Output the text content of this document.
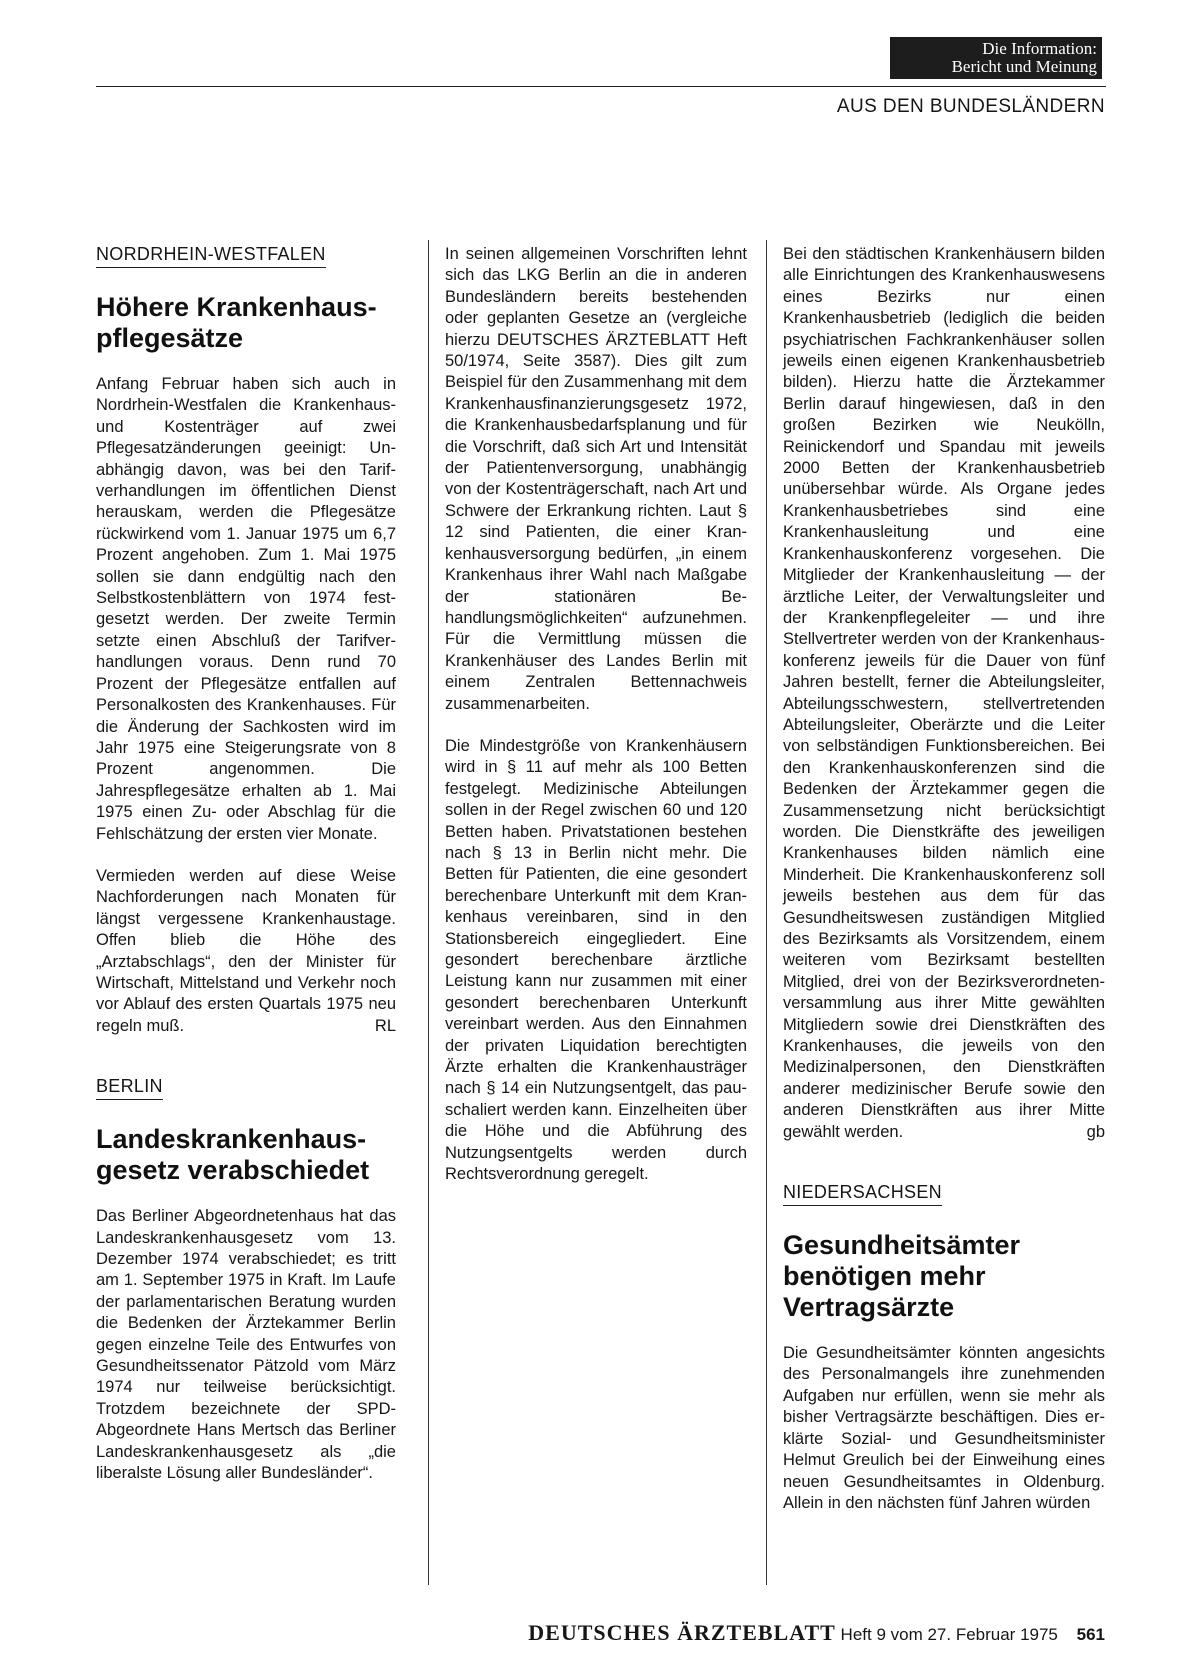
Die Information:
Bericht und Meinung
AUS DEN BUNDESLÄNDERN
NORDRHEIN-WESTFALEN
Höhere Krankenhauspflegesätze

Anfang Februar haben sich auch in Nordrhein-Westfalen die Krankenhaus- und Kostenträger auf zwei Pflegesatzänderungen geeinigt: Unabhängig davon, was bei den Tarifverhandlungen im öffentlichen Dienst herauskam, werden die Pflegesätze rückwirkend vom 1. Januar 1975 um 6,7 Prozent angehoben. Zum 1. Mai 1975 sollen sie dann endgültig nach den Selbstkostenblättern von 1974 festgesetzt werden. Der zweite Termin setzte einen Abschluß der Tarifverhandlungen voraus. Denn rund 70 Prozent der Pflegesätze entfallen auf Personalkosten des Krankenhauses. Für die Änderung der Sachkosten wird im Jahr 1975 eine Steigerungsrate von 8 Prozent angenommen. Die Jahrespflegesätze erhalten ab 1. Mai 1975 einen Zu- oder Abschlag für die Fehlschätzung der ersten vier Monate.

Vermieden werden auf diese Weise Nachforderungen nach Monaten für längst vergessene Krankenhaustage. Offen blieb die Höhe des „Arztabschlags“, den der Minister für Wirtschaft, Mittelstand und Verkehr noch vor Ablauf des ersten Quartals 1975 neu regeln muß.	RL

BERLIN
Landeskrankenhausgesetz verabschiedet

Das Berliner Abgeordnetenhaus hat das Landeskrankenhausgesetz vom 13. Dezember 1974 verabschiedet; es tritt am 1. September 1975 in Kraft. Im Laufe der parlamentarischen Beratung wurden die Bedenken der Ärztekammer Berlin gegen einzelne Teile des Entwurfes von Gesundheitssenator Pätzold vom März 1974 nur teilweise berücksichtigt. Trotzdem bezeichnete der SPD-Abgeordnete Hans Mertsch das Berliner Landeskrankenhausgesetz als „die liberalste Lösung aller Bundesländer“.

In seinen allgemeinen Vorschriften lehnt sich das LKG Berlin an die in anderen Bundesländern bereits bestehenden oder geplanten Gesetze an (vergleiche hierzu DEUTSCHES ÄRZTEBLATT Heft 50/1974, Seite 3587). Dies gilt zum Beispiel für den Zusammenhang mit dem Krankenhausfinanzierungsgesetz 1972, die Krankenhausbedarfsplanung und für die Vorschrift, daß sich Art und Intensität der Patientenversorgung, unabhängig von der Kostenträgerschaft, nach Art und Schwere der Erkrankung richten. Laut § 12 sind Patienten, die einer Krankenhausversorgung bedürfen, „in einem Krankenhaus ihrer Wahl nach Maßgabe der stationären Behandlungsmöglichkeiten“ aufzunehmen. Für die Vermittlung müssen die Krankenhäuser des Landes Berlin mit einem Zentralen Bettennachweis zusammenarbeiten.

Die Mindestgröße von Krankenhäusern wird in § 11 auf mehr als 100 Betten festgelegt. Medizinische Abteilungen sollen in der Regel zwischen 60 und 120 Betten haben. Privatstationen bestehen nach § 13 in Berlin nicht mehr. Die Betten für Patienten, die eine gesondert berechenbare Unterkunft mit dem Krankenhaus vereinbaren, sind in den Stationsbereich eingegliedert. Eine gesondert berechenbare ärztliche Leistung kann nur zusammen mit einer gesondert berechenbaren Unterkunft vereinbart werden. Aus den Einnahmen der privaten Liquidation berechtigten Ärzte erhalten die Krankenhausträger nach § 14 ein Nutzungsentgelt, das pauschaliert werden kann. Einzelheiten über die Höhe und die Abführung des Nutzungsentgelts werden durch Rechtsverordnung geregelt.

Bei den städtischen Krankenhäusern bilden alle Einrichtungen des Krankenhauswesens eines Bezirks nur einen Krankenhausbetrieb (lediglich die beiden psychiatrischen Fachkrankenhäuser sollen jeweils einen eigenen Krankenhausbetrieb bilden). Hierzu hatte die Ärztekammer Berlin darauf hingewiesen, daß in den großen Bezirken wie Neukölln, Reinickendorf und Spandau mit jeweils 2000 Betten der Krankenhausbetrieb unübersehbar würde. Als Organe jedes Krankenhausbetriebes sind eine Krankenhausleitung und eine Krankenhauskonferenz vorgesehen. Die Mitglieder der Krankenhausleitung — der ärztliche Leiter, der Verwaltungsleiter und der Krankenpflegeleiter — und ihre Stellvertreter werden von der Krankenhauskonferenz jeweils für die Dauer von fünf Jahren bestellt, ferner die Abteilungsleiter, Abteilungsschwestern, stellvertretenden Abteilungsleiter, Oberärzte und die Leiter von selbständigen Funktionsbereichen. Bei den Krankenhauskonferenzen sind die Bedenken der Ärztekammer gegen die Zusammensetzung nicht berücksichtigt worden. Die Dienstkräfte des jeweiligen Krankenhauses bilden nämlich eine Minderheit. Die Krankenhauskonferenz soll jeweils bestehen aus dem für das Gesundheitswesen zuständigen Mitglied des Bezirksamts als Vorsitzendem, einem weiteren vom Bezirksamt bestellten Mitglied, drei von der Bezirksverordnetenversammlung aus ihrer Mitte gewählten Mitgliedern sowie drei Dienstkräften des Krankenhauses, die jeweils von den Medizinalpersonen, den Dienstkräften anderer medizinischer Berufe sowie den anderen Dienstkräften aus ihrer Mitte gewählt werden.	gb

NIEDERSACHSEN
Gesundheitsämter benötigen mehr Vertragsärzte

Die Gesundheitsämter könnten angesichts des Personalmangels ihre zunehmenden Aufgaben nur erfüllen, wenn sie mehr als bisher Vertragsärzte beschäftigen. Dies erklärte Sozial- und Gesundheitsminister Helmut Greulich bei der Einweihung eines neuen Gesundheitsamtes in Oldenburg. Allein in den nächsten fünf Jahren würden

DEUTSCHES ÄRZTEBLATT Heft 9 vom 27. Februar 1975 561
